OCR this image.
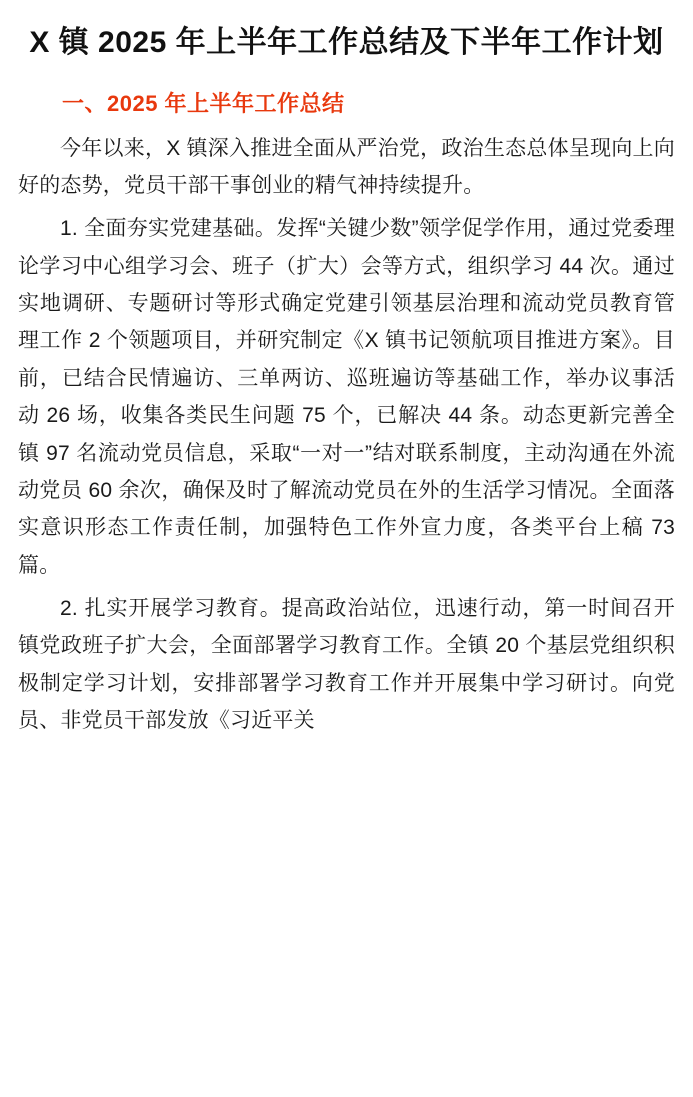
X 镇 2025 年上半年工作总结及下半年工作计划
一、2025 年上半年工作总结

今年以来，X 镇深入推进全面从严治党，政治生态总体呈现向上向好的态势，党员干部干事创业的精气神持续提升。

1. 全面夯实党建基础。发挥“关键少数”领学促学作用，通过党委理论学习中心组学习会、班子（扩大）会等方式，组织学习 44 次。通过实地调研、专题研讨等形式确定党建引领基层治理和流动党员教育管理工作 2 个领题项目，并研究制定《X 镇书记领航项目推进方案》。目前，已结合民情遍访、三单两访、巡班遍访等基础工作，举办议事活动 26 场，收集各类民生问题 75 个，已解决 44 条。动态更新完善全镇 97 名流动党员信息，采取“一对一”结对联系制度，主动沟通在外流动党员 60 余次，确保及时了解流动党员在外的生活学习情况。全面落实意识形态工作责任制，加强特色工作外宣力度，各类平台上稿 73 篇。

2. 扎实开展学习教育。提高政治站位，迅速行动，第一时间召开镇党政班子扩大会，全面部署学习教育工作。全镇 20 个基层党组织积极制定学习计划，安排部署学习教育工作并开展集中学习研讨。向党员、非党员干部发放《习近平关
